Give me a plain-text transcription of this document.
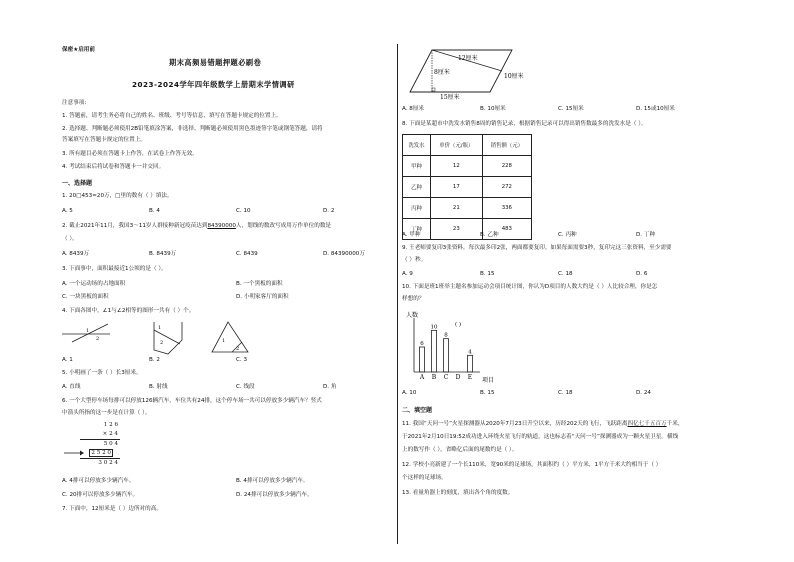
保密★启用前
期末高频易错题押题必刷卷
2023-2024学年四年级数学上册期末学情调研
注意事项:
1. 答题前，请考生务必将自己的姓名、班级、考号等信息，填写在答题卡规定的位置上。
2. 选择题、判断题必须使用2B铅笔填涂答案，非选择、判断题必须使用黑色墨迹签字笔或钢笔答题，请将
答案填写在答题卡规定的位置上。
3. 所有题目必须在答题卡上作答，在试卷上作答无效。
4. 考试结束后将试卷和答题卡一并交回。
一、选择题
1. 20□453≈20万，□里的数有（ ）填法。
A. 5	B. 4	C. 10	D. 2
2. 截止2021年11月，我国3～11岁人群接种新冠疫苗达到84390000人，划线的数改写成用万作单位的数是
（ ）。
A. 8439万	B. 8439万	C. 8439	D. 84390000万
3. 下面事中，面积最接近1公顷的是（ ）。
A. 一个运动场的占地面积	B. 一个黑板的面积
C. 一块黑板的面积	D. 小明家客厅的面积
4. 下面各图中，∠1与∠2相等的图形一共有（ ）个。
1
2
1
2	1
2
A. 1	B. 2	C. 3
5. 小明画了一条（ ）长3厘米。
A. 直线	B. 射线	C. 线段	D. 角
6. 一个大型停车场每排可以停放126辆汽车，车位共有24排，这个停车场一共可以停放多少辆汽车？竖式
中箭头所指的这一步是在计算（ ）。
1 2 6
× 2 4
5 0 4
2 5 2 0
3 0 2 4
A. 4排可以停放多少辆汽车。	B. 4排可以停放多少辆汽车。
C. 20排可以停放多少辆汽车。	D. 24排可以停放多少辆汽车。
7. 下面中，12厘米是（ ）边所对的高。
12厘米
8厘米
10厘米
15厘米
A. 8厘米	B. 10厘米	C. 15厘米	D. 15或10厘米
8. 下面是某超市中洗发水销售8周的销售记录，根据销售记录可以得出销售数最多的洗发水是（ ）。
洗发水	单价（元/瓶）	销售额（元）
甲种	12	228
乙种	17	272
丙种	21	336
丁种	23	483
A. 甲种	B. 乙种	C. 丙种	D. 丁种
9. 王老师要复印3张资料，每次最多印2张，两面都要复印。如果每面需要3秒，复印完这三张资料，至少需要
（ ）秒。
A. 9	B. 15	C. 18	D. 6
10. 下面是班1班举主题名参加运动会项目统计图，你认为D项目的人数大约是（ ）人比较合理，你是怎
样想的？
人数
项目
6
A
10
B
8
C
( )
D
4
E
A. 10	B. 15	C. 18	D. 24
二、填空题
11. 我国“天问一号”火星探测器从2020年7月23日升空以来，历经202天的飞行，飞跃距离四亿七千五百万千米，
于2021年2月10日19:52成功进入环绕火星飞行的轨道，这也标志着“天问一号”探测器成为一颗火星卫星。横线
上的数写作（ ），省略亿后面的尾数约是（ ）。
12. 学校小亮新建了一个长110米，宽90米的足球场，其面积约（ ）平方米，1平方千米大约相当于（ ）
个这样的足球场。
13. 看量角器上的刻度，填出各个角的度数。
